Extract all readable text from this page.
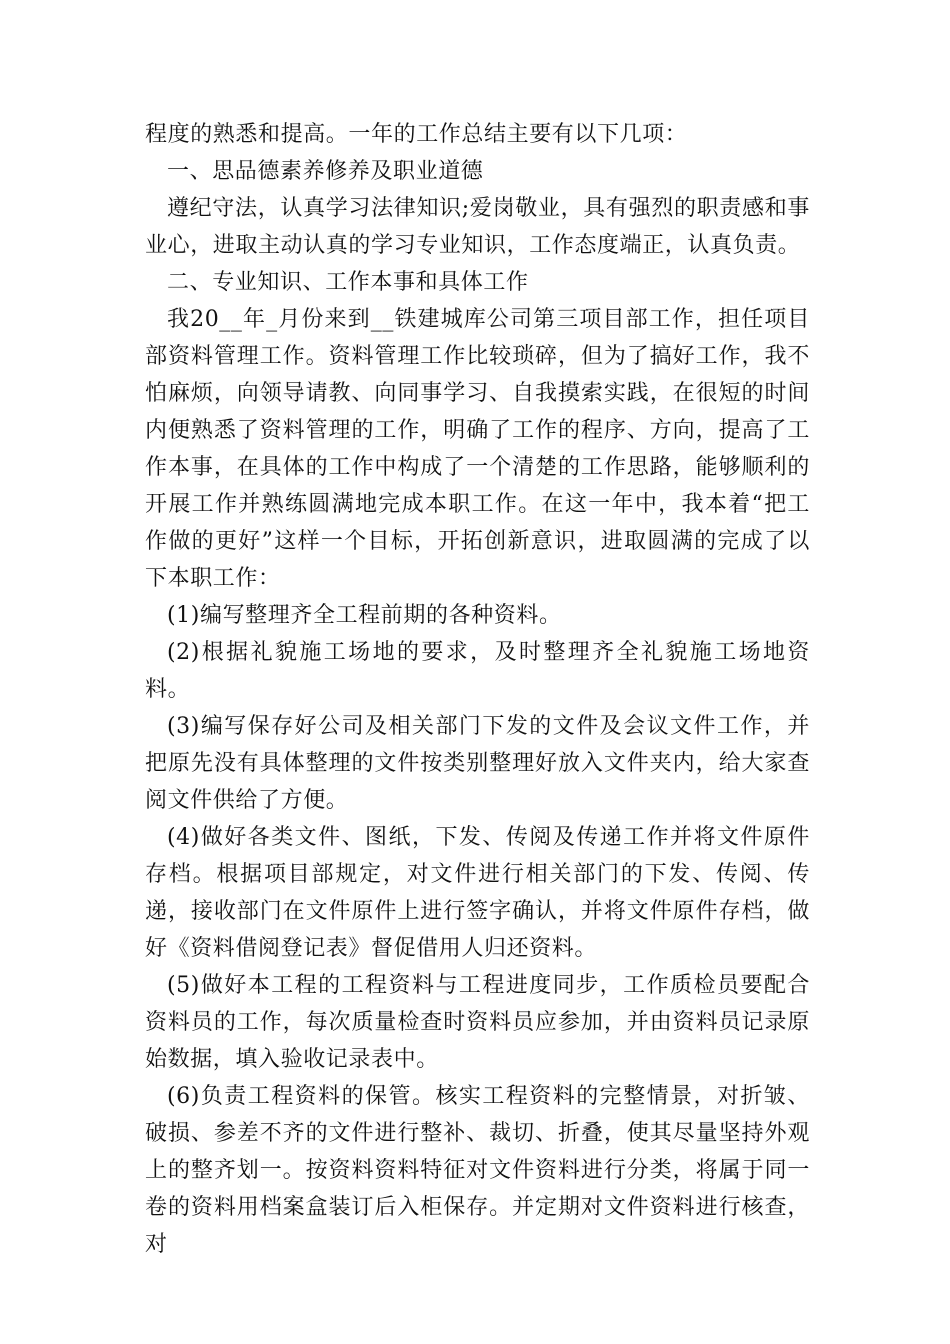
程度的熟悉和提高。一年的工作总结主要有以下几项：

一、思品德素养修养及职业道德

遵纪守法，认真学习法律知识;爱岗敬业，具有强烈的职责感和事业心，进取主动认真的学习专业知识，工作态度端正，认真负责。

二、专业知识、工作本事和具体工作

我20__年_月份来到__铁建城库公司第三项目部工作，担任项目部资料管理工作。资料管理工作比较琐碎，但为了搞好工作，我不怕麻烦，向领导请教、向同事学习、自我摸索实践，在很短的时间内便熟悉了资料管理的工作，明确了工作的程序、方向，提高了工作本事，在具体的工作中构成了一个清楚的工作思路，能够顺利的开展工作并熟练圆满地完成本职工作。在这一年中，我本着“把工作做的更好”这样一个目标，开拓创新意识，进取圆满的完成了以下本职工作：

(1)编写整理齐全工程前期的各种资料。

(2)根据礼貌施工场地的要求，及时整理齐全礼貌施工场地资料。

(3)编写保存好公司及相关部门下发的文件及会议文件工作，并把原先没有具体整理的文件按类别整理好放入文件夹内，给大家查阅文件供给了方便。

(4)做好各类文件、图纸，下发、传阅及传递工作并将文件原件存档。根据项目部规定，对文件进行相关部门的下发、传阅、传递，接收部门在文件原件上进行签字确认，并将文件原件存档，做好《资料借阅登记表》督促借用人归还资料。

(5)做好本工程的工程资料与工程进度同步，工作质检员要配合资料员的工作，每次质量检查时资料员应参加，并由资料员记录原始数据，填入验收记录表中。

(6)负责工程资料的保管。核实工程资料的完整情景，对折皱、破损、参差不齐的文件进行整补、裁切、折叠，使其尽量坚持外观上的整齐划一。按资料资料特征对文件资料进行分类，将属于同一卷的资料用档案盒装订后入柜保存。并定期对文件资料进行核查，对
